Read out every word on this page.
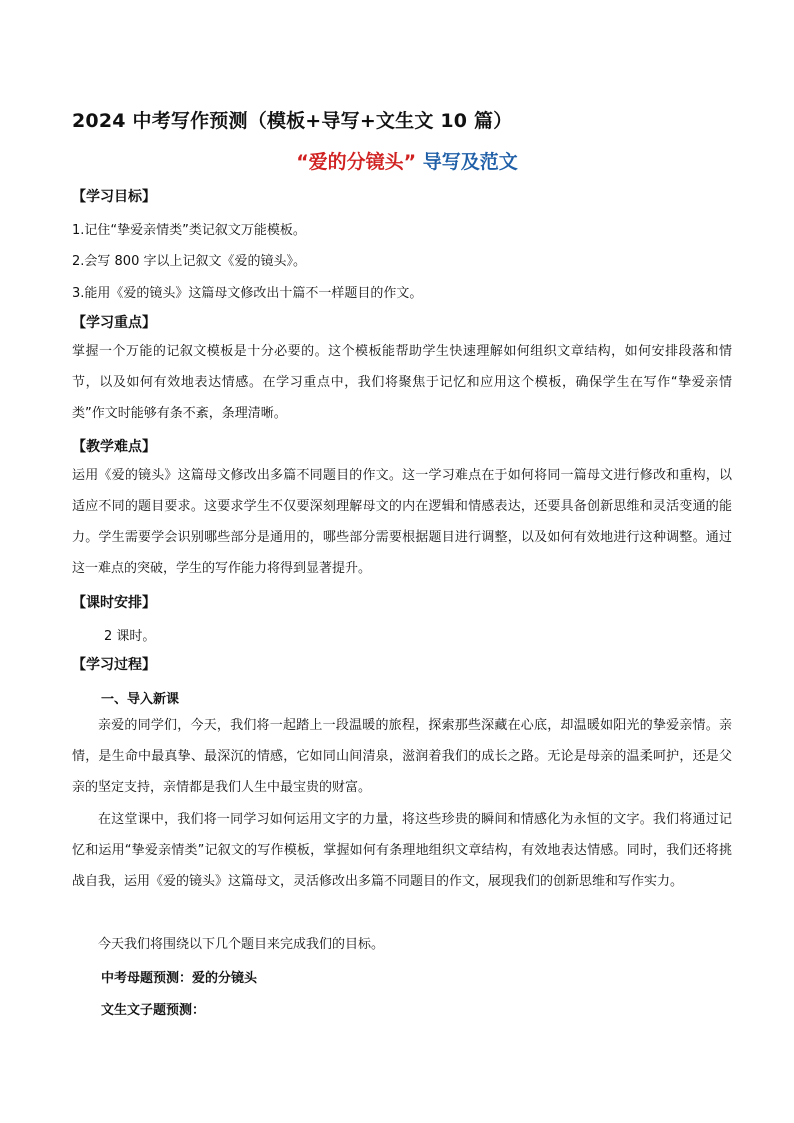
2024 中考写作预测（模板+导写+文生文 10 篇）
“爱的分镜头” 导写及范文
【学习目标】
1.记住“挚爱亲情类”类记叙文万能模板。
2.会写 800 字以上记叙文《爱的镜头》。
3.能用《爱的镜头》这篇母文修改出十篇不一样题目的作文。
【学习重点】
掌握一个万能的记叙文模板是十分必要的。这个模板能帮助学生快速理解如何组织文章结构，如何安排段落和情节，以及如何有效地表达情感。在学习重点中，我们将聚焦于记忆和应用这个模板，确保学生在写作“挚爱亲情类”作文时能够有条不紊，条理清晰。
【教学难点】
运用《爱的镜头》这篇母文修改出多篇不同题目的作文。这一学习难点在于如何将同一篇母文进行修改和重构，以适应不同的题目要求。这要求学生不仅要深刻理解母文的内在逻辑和情感表达，还要具备创新思维和灵活变通的能力。学生需要学会识别哪些部分是通用的，哪些部分需要根据题目进行调整，以及如何有效地进行这种调整。通过这一难点的突破，学生的写作能力将得到显著提升。
【课时安排】
2 课时。
【学习过程】
一、导入新课
亲爱的同学们，今天，我们将一起踏上一段温暖的旅程，探索那些深藏在心底，却温暖如阳光的挚爱亲情。亲情，是生命中最真挚、最深沉的情感，它如同山间清泉，滋润着我们的成长之路。无论是母亲的温柔呵护，还是父亲的坚定支持，亲情都是我们人生中最宝贵的财富。
在这堂课中，我们将一同学习如何运用文字的力量，将这些珍贵的瞬间和情感化为永恒的文字。我们将通过记忆和运用“挚爱亲情类”记叙文的写作模板，掌握如何有条理地组织文章结构，有效地表达情感。同时，我们还将挑战自我，运用《爱的镜头》这篇母文，灵活修改出多篇不同题目的作文，展现我们的创新思维和写作实力。
今天我们将围绕以下几个题目来完成我们的目标。
中考母题预测：爱的分镜头
文生文子题预测：
